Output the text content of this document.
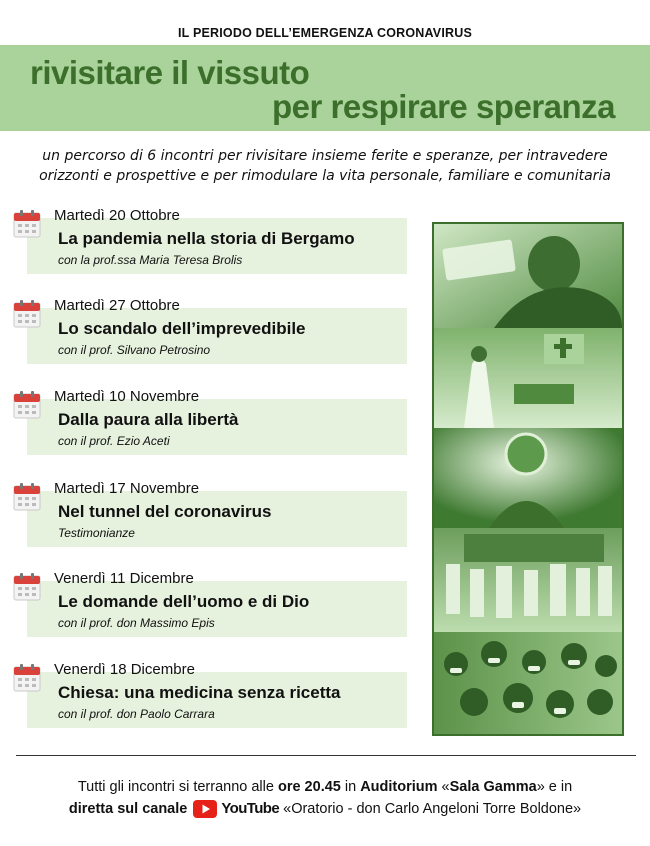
IL PERIODO DELL’EMERGENZA CORONAVIRUS
rivisitare il vissuto
per respirare speranza
un percorso di 6 incontri per rivisitare insieme ferite e speranze, per intravedere
orizzonti e prospettive e per rimodulare la vita personale, familiare e comunitaria
Martedì 20 Ottobre
La pandemia nella storia di Bergamo
con la prof.ssa Maria Teresa Brolis
Martedì 27 Ottobre
Lo scandalo dell’imprevedibile
con il prof. Silvano Petrosino
Martedì 10 Novembre
Dalla paura alla libertà
con il prof. Ezio Aceti
Martedì 17 Novembre
Nel tunnel del coronavirus
Testimonianze
Venerdì 11 Dicembre
Le domande dell’uomo e di Dio
con il prof. don Massimo Epis
Venerdì 18 Dicembre
Chiesa: una medicina senza ricetta
con il prof. don Paolo Carrara
Tutti gli incontri si terranno alle ore 20.45 in Auditorium «Sala Gamma» e in
diretta sul canale YouTube «Oratorio - don Carlo Angeloni Torre Boldone»
